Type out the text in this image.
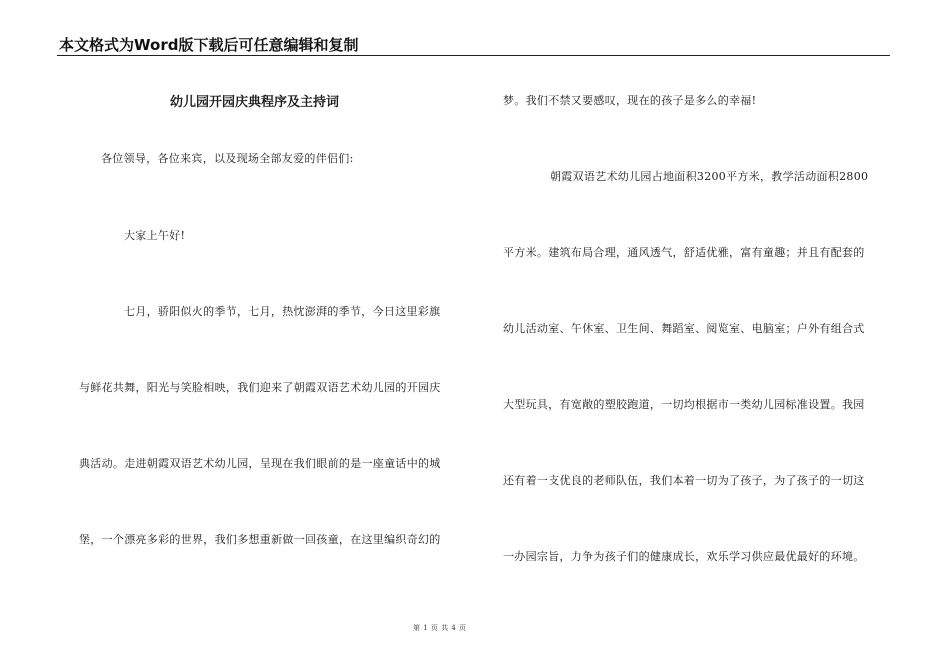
本文格式为Word版下载后可任意编辑和复制
幼儿园开园庆典程序及主持词
各位领导，各位来宾，以及现场全部友爱的伴侣们:
大家上午好!
七月，骄阳似火的季节，七月，热忱澎湃的季节，今日这里彩旗
与鲜花共舞，阳光与笑脸相映，我们迎来了朝霞双语艺术幼儿园的开园庆
典活动。走进朝霞双语艺术幼儿园，呈现在我们眼前的是一座童话中的城
堡，一个漂亮多彩的世界，我们多想重新做一回孩童，在这里编织奇幻的
梦。我们不禁又要感叹，现在的孩子是多么的幸福!
朝霞双语艺术幼儿园占地面积3200平方米，教学活动面积2800
平方米。建筑布局合理，通风透气，舒适优雅，富有童趣；并且有配套的
幼儿活动室、午休室、卫生间、舞蹈室、阅览室、电脑室；户外有组合式
大型玩具，有宽敞的塑胶跑道，一切均根据市一类幼儿园标准设置。我园
还有着一支优良的老师队伍，我们本着一切为了孩子，为了孩子的一切这
一办园宗旨，力争为孩子们的健康成长，欢乐学习供应最优最好的环境。
第 1 页 共 4 页
